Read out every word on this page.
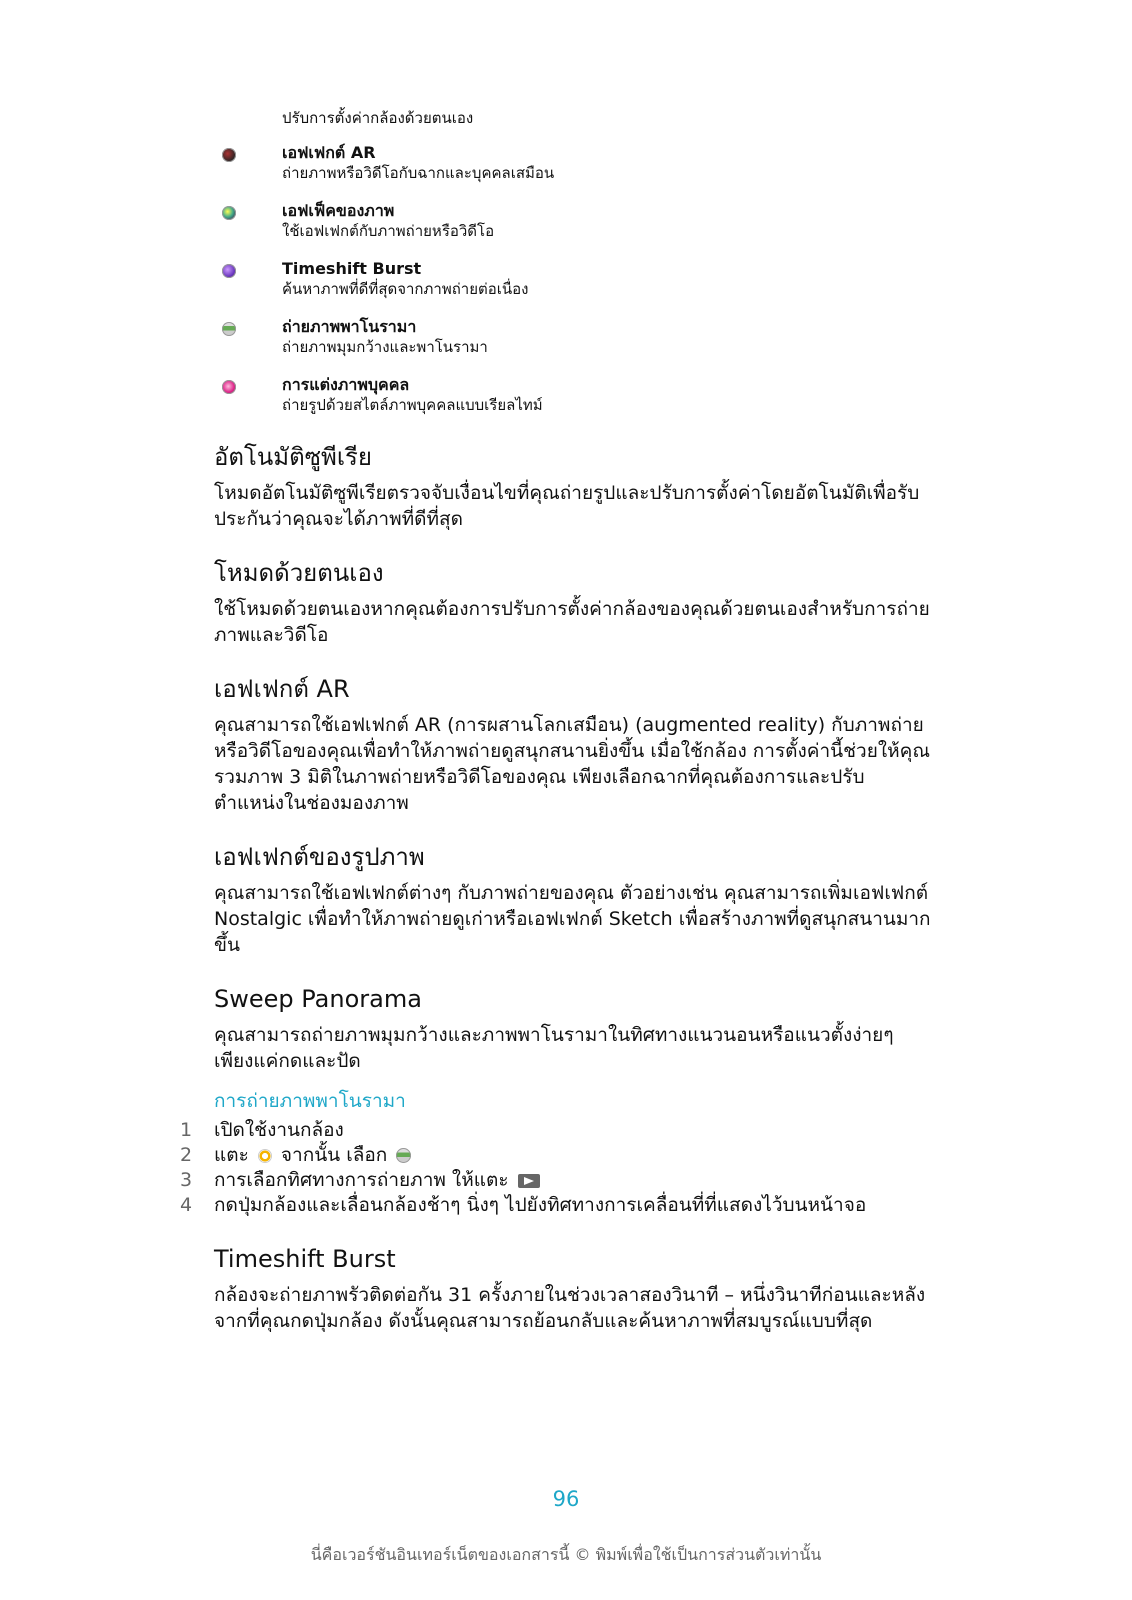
ปรับการตั้งค่ากล้องด้วยตนเอง
เอฟเฟกต์ AR
ถ่ายภาพหรือวิดีโอกับฉากและบุคคลเสมือน
เอฟเฟ็คของภาพ
ใช้เอฟเฟกต์กับภาพถ่ายหรือวิดีโอ
Timeshift Burst
ค้นหาภาพที่ดีที่สุดจากภาพถ่ายต่อเนื่อง
ถ่ายภาพพาโนรามา
ถ่ายภาพมุมกว้างและพาโนรามา
การแต่งภาพบุคคล
ถ่ายรูปด้วยสไตล์ภาพบุคคลแบบเรียลไทม์
อัตโนมัติซูพีเรีย

โหมดอัตโนมัติซูพีเรียตรวจจับเงื่อนไขที่คุณถ่ายรูปและปรับการตั้งค่าโดยอัตโนมัติเพื่อรับประกันว่าคุณจะได้ภาพที่ดีที่สุด

โหมดด้วยตนเอง

ใช้โหมดด้วยตนเองหากคุณต้องการปรับการตั้งค่ากล้องของคุณด้วยตนเองสำหรับการถ่ายภาพและวิดีโอ

เอฟเฟกต์ AR

คุณสามารถใช้เอฟเฟกต์ AR (การผสานโลกเสมือน) (augmented reality) กับภาพถ่ายหรือวิดีโอของคุณเพื่อทำให้ภาพถ่ายดูสนุกสนานยิ่งขึ้น เมื่อใช้กล้อง การตั้งค่านี้ช่วยให้คุณรวมภาพ 3 มิติในภาพถ่ายหรือวิดีโอของคุณ เพียงเลือกฉากที่คุณต้องการและปรับตำแหน่งในช่องมองภาพ

เอฟเฟกต์ของรูปภาพ

คุณสามารถใช้เอฟเฟกต์ต่างๆ กับภาพถ่ายของคุณ ตัวอย่างเช่น คุณสามารถเพิ่มเอฟเฟกต์ Nostalgic เพื่อทำให้ภาพถ่ายดูเก่าหรือเอฟเฟกต์ Sketch เพื่อสร้างภาพที่ดูสนุกสนานมากขึ้น

Sweep Panorama

คุณสามารถถ่ายภาพมุมกว้างและภาพพาโนรามาในทิศทางแนวนอนหรือแนวตั้งง่ายๆ เพียงแค่กดและปัด

การถ่ายภาพพาโนรามา
1	เปิดใช้งานกล้อง
2	แตะ จากนั้น เลือก
3	การเลือกทิศทางการถ่ายภาพ ให้แตะ
4	กดปุ่มกล้องและเลื่อนกล้องช้าๆ นิ่งๆ ไปยังทิศทางการเคลื่อนที่ที่แสดงไว้บนหน้าจอ
Timeshift Burst

กล้องจะถ่ายภาพรัวติดต่อกัน 31 ครั้งภายในช่วงเวลาสองวินาที – หนึ่งวินาทีก่อนและหลังจากที่คุณกดปุ่มกล้อง ดังนั้นคุณสามารถย้อนกลับและค้นหาภาพที่สมบูรณ์แบบที่สุด

96
นี่คือเวอร์ชันอินเทอร์เน็ตของเอกสารนี้ © พิมพ์เพื่อใช้เป็นการส่วนตัวเท่านั้น
